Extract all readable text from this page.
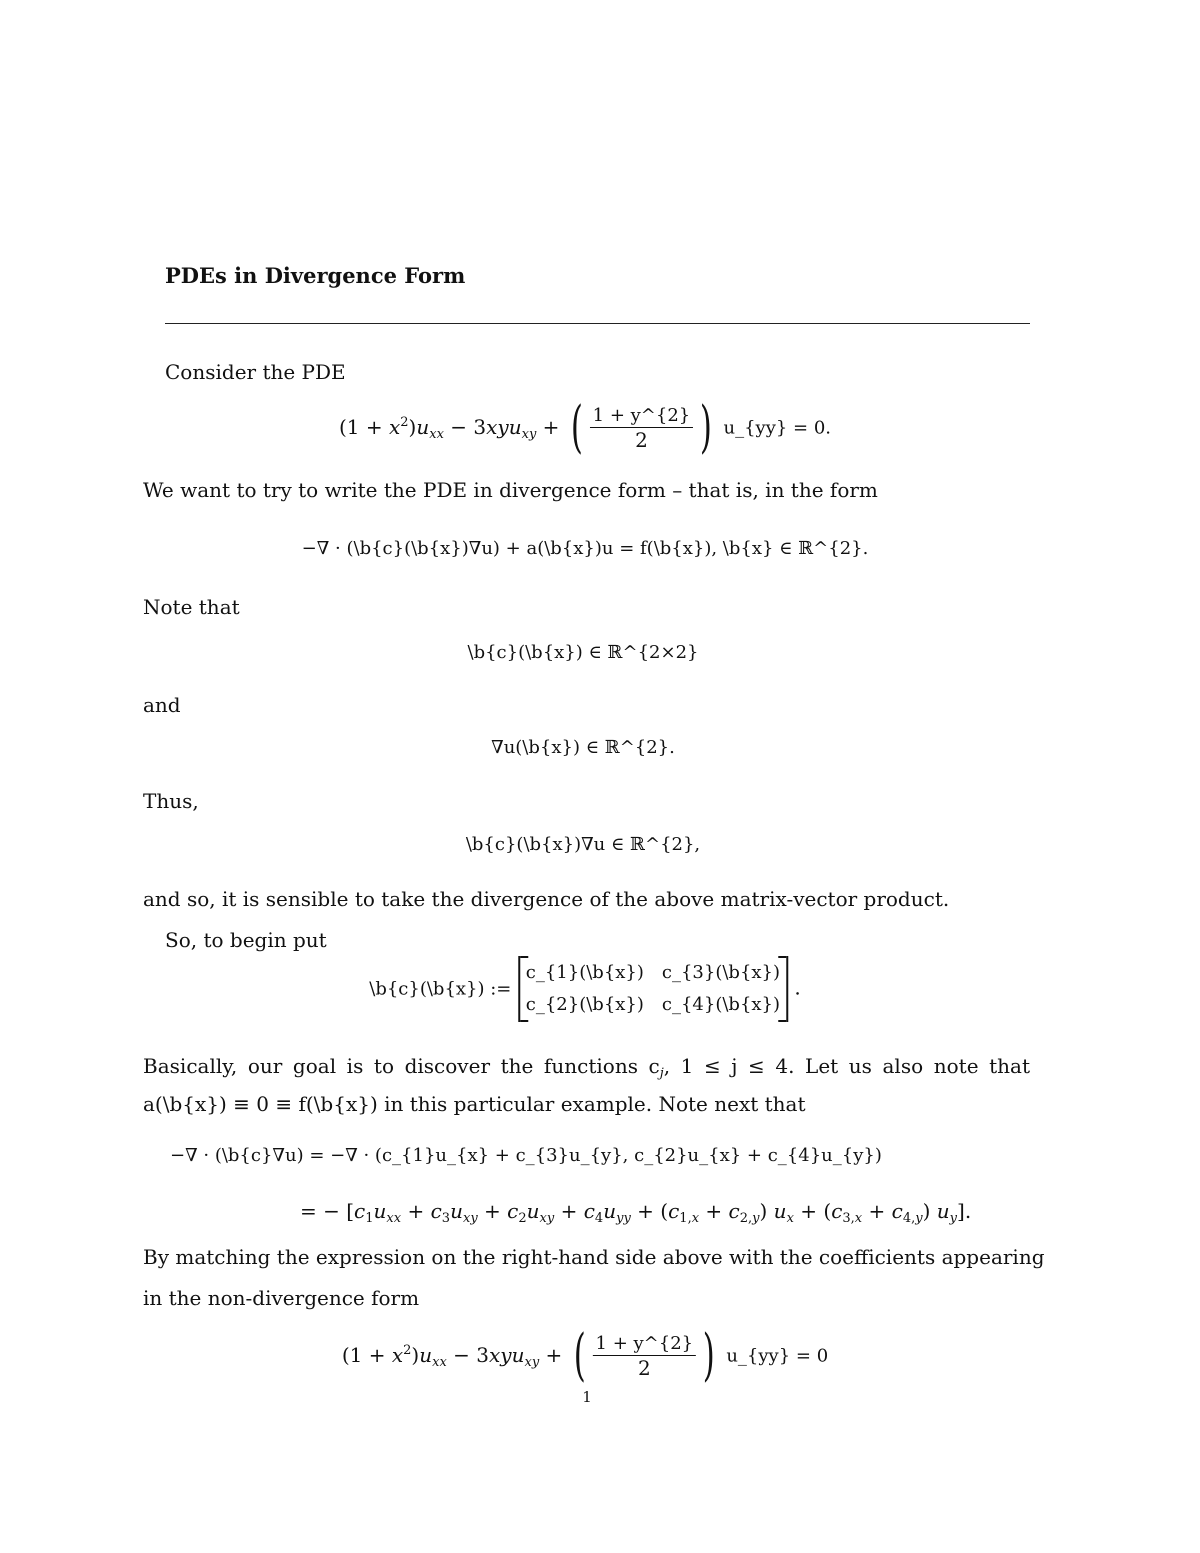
PDEs in Divergence Form
Consider the PDE
$(1 + x^2)u_{xx} - 3xyu_{xy}$ + ( $\frac{1 + y\^{}\{2\}}{2}$ ) u_{yy} = 0.
We want to try to write the PDE in divergence form – that is, in the form
−∇ · (\b{c}(\b{x})∇u) + a(\b{x})u = f(\b{x}), \b{x} ∈ ℝ^{2}.
Note that
\b{c}(\b{x}) ∈ ℝ^{2×2}
and
∇u(\b{x}) ∈ ℝ^{2}.
Thus,
\b{c}(\b{x})∇u ∈ ℝ^{2},
and so, it is sensible to take the divergence of the above matrix-vector product.
So, to begin put
\b{c}(\b{x}) :=
c_{1}(\b{x}) c_{3}(\b{x})
c_{2}(\b{x}) c_{4}(\b{x})
.
Basically, our goal is to discover the functions $c_j$, 1 ≤ j ≤ 4. Let us also note that
a(\b{x}) ≡ 0 ≡ f(\b{x}) in this particular example. Note next that
−∇ · (\b{c}∇u) = −∇ · (c_{1}u_{x} + c_{3}u_{y}, c_{2}u_{x} + c_{4}u_{y})
= − [$c_1u_{xx} + c_3u_{xy} + c_2u_{xy} + c_4u_{yy} + (c_{1,x} + c_{2,y}) u_x + (c_{3,x} + c_{4,y})$ $u_y$].
By matching the expression on the right-hand side above with the coefficients appearing
in the non-divergence form
$(1 + x^2)u_{xx} - 3xyu_{xy}$ + ( $\frac{1 + y\^{}\{2\}}{2}$ ) u_{yy} = 0
1
